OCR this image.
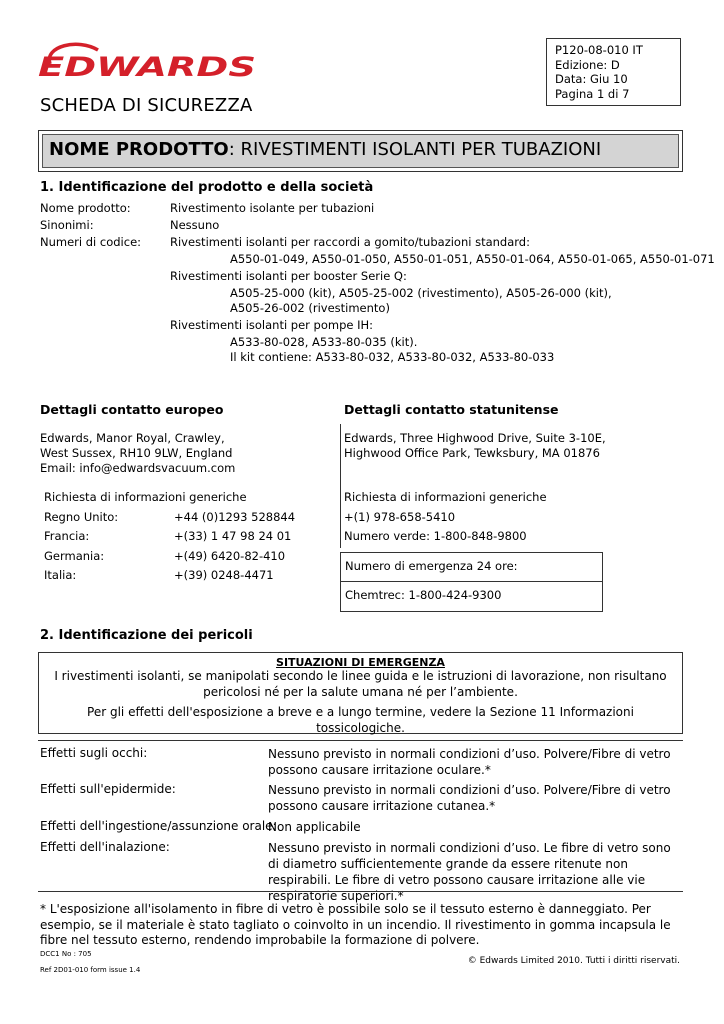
EDWARDS
SCHEDA DI SICUREZZA
P120-08-010 IT
Edizione: D
Data: Giu 10
Pagina 1 di 7
NOME PRODOTTO: RIVESTIMENTI ISOLANTI PER TUBAZIONI
1. Identificazione del prodotto e della società
Nome prodotto:	Rivestimento isolante per tubazioni
Sinonimi:	Nessuno
Numeri di codice:	Rivestimenti isolanti per raccordi a gomito/tubazioni standard:
A550-01-049, A550-01-050, A550-01-051, A550-01-064, A550-01-065, A550-01-071
Rivestimenti isolanti per booster Serie Q:
A505-25-000 (kit), A505-25-002 (rivestimento), A505-26-000 (kit),
A505-26-002 (rivestimento)
Rivestimenti isolanti per pompe IH:
A533-80-028, A533-80-035 (kit).
Il kit contiene: A533-80-032, A533-80-032, A533-80-033
Dettagli contatto europeo	Dettagli contatto statunitense
Edwards, Manor Royal, Crawley,
West Sussex, RH10 9LW, England
Email: info@edwardsvacuum.com
Edwards, Three Highwood Drive, Suite 3-10E,
Highwood Office Park, Tewksbury, MA 01876
Richiesta di informazioni generiche
Regno Unito:	+44 (0)1293 528844
Francia:	+(33) 1 47 98 24 01
Germania:	+(49) 6420-82-410
Italia:	+(39) 0248-4471
Richiesta di informazioni generiche
+(1) 978-658-5410
Numero verde: 1-800-848-9800
Numero di emergenza 24 ore:
Chemtrec: 1-800-424-9300
2. Identificazione dei pericoli
SITUAZIONI DI EMERGENZA
I rivestimenti isolanti, se manipolati secondo le linee guida e le istruzioni di lavorazione, non risultano pericolosi né per la salute umana né per l’ambiente.
Per gli effetti dell'esposizione a breve e a lungo termine, vedere la Sezione 11 Informazioni tossicologiche.
Effetti sugli occhi:	Nessuno previsto in normali condizioni d’uso. Polvere/Fibre di vetro possono causare irritazione oculare.*
Effetti sull'epidermide:	Nessuno previsto in normali condizioni d’uso. Polvere/Fibre di vetro possono causare irritazione cutanea.*
Effetti dell'ingestione/assunzione orale:
Non applicabile
Effetti dell'inalazione:	Nessuno previsto in normali condizioni d’uso. Le fibre di vetro sono di diametro sufficientemente grande da essere ritenute non respirabili. Le fibre di vetro possono causare irritazione alle vie respiratorie superiori.*
* L'esposizione all'isolamento in fibre di vetro è possibile solo se il tessuto esterno è danneggiato. Per esempio, se il materiale è stato tagliato o coinvolto in un incendio. Il rivestimento in gomma incapsula le fibre nel tessuto esterno, rendendo improbabile la formazione di polvere.
DCC1 No : 705
Ref 2D01-010 form issue 1.4
© Edwards Limited 2010. Tutti i diritti riservati.
